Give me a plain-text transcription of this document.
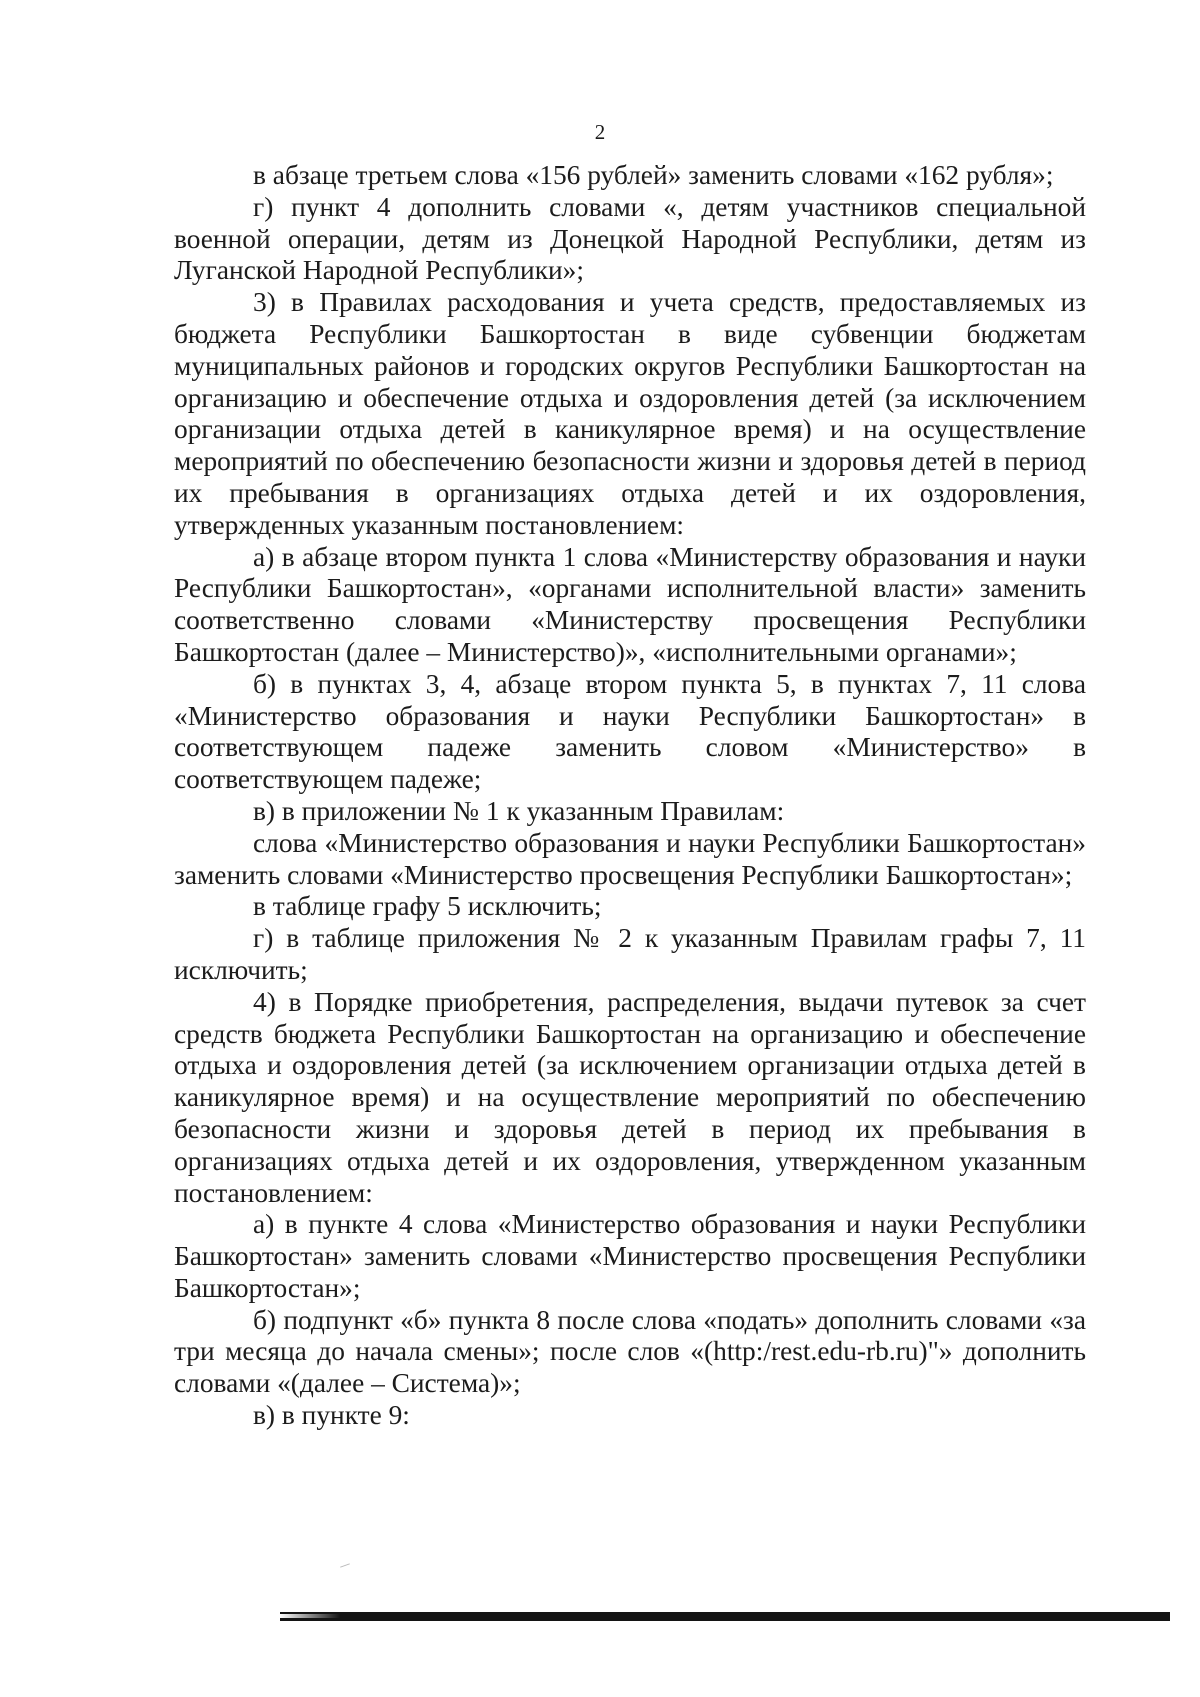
2

в абзаце третьем слова «156 рублей» заменить словами «162 рубля»;

г) пункт 4 дополнить словами «, детям участников специальной военной операции, детям из Донецкой Народной Республики, детям из Луганской Народной Республики»;

3) в Правилах расходования и учета средств, предоставляемых из бюджета Республики Башкортостан в виде субвенции бюджетам муниципальных районов и городских округов Республики Башкортостан на организацию и обеспечение отдыха и оздоровления детей (за исключением организации отдыха детей в каникулярное время) и на осуществление мероприятий по обеспечению безопасности жизни и здоровья детей в период их пребывания в организациях отдыха детей и их оздоровления, утвержденных указанным постановлением:

а) в абзаце втором пункта 1 слова «Министерству образования и науки Республики Башкортостан», «органами исполнительной власти» заменить соответственно словами «Министерству просвещения Республики Башкортостан (далее – Министерство)», «исполнительными органами»;

б) в пунктах 3, 4, абзаце втором пункта 5, в пунктах 7, 11 слова «Министерство образования и науки Республики Башкортостан» в соответствующем падеже заменить словом «Министерство» в соответствующем падеже;

в) в приложении № 1 к указанным Правилам:

слова «Министерство образования и науки Республики Башкортостан» заменить словами «Министерство просвещения Республики Башкортостан»;

в таблице графу 5 исключить;

г) в таблице приложения № 2 к указанным Правилам графы 7, 11 исключить;

4) в Порядке приобретения, распределения, выдачи путевок за счет средств бюджета Республики Башкортостан на организацию и обеспечение отдыха и оздоровления детей (за исключением организации отдыха детей в каникулярное время) и на осуществление мероприятий по обеспечению безопасности жизни и здоровья детей в период их пребывания в организациях отдыха детей и их оздоровления, утвержденном указанным постановлением:

а) в пункте 4 слова «Министерство образования и науки Республики Башкортостан» заменить словами «Министерство просвещения Республики Башкортостан»;

б) подпункт «б» пункта 8 после слова «подать» дополнить словами «за три месяца до начала смены»; после слов «(http:/rest.edu-rb.ru)"» дополнить словами «(далее – Система)»;

в) в пункте 9:
